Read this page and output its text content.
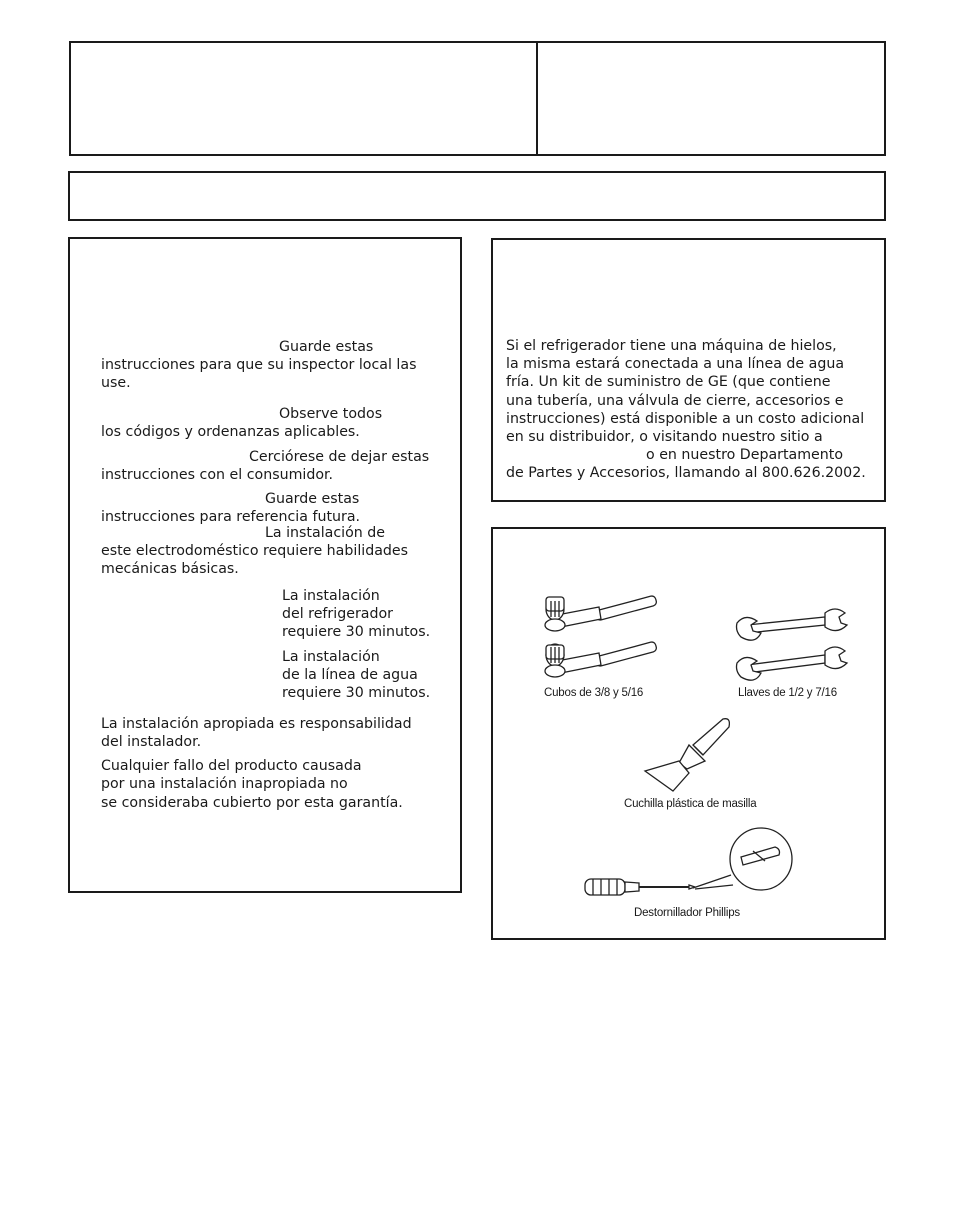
Guarde estas
instrucciones para que su inspector local las
use.
Observe todos
los códigos y ordenanzas aplicables.
Cerciórese de dejar estas
instrucciones con el consumidor.
Guarde estas
instrucciones para referencia futura.
La instalación de
este electrodoméstico requiere habilidades
mecánicas básicas.
La instalación
del refrigerador
requiere 30 minutos.
La instalación
de la línea de agua
requiere 30 minutos.
La instalación apropiada es responsabilidad
del instalador.
Cualquier fallo del producto causada
por una instalación inapropiada no
se consideraba cubierto por esta garantía.
Si el refrigerador tiene una máquina de hielos,
la misma estará conectada a una línea de agua
fría. Un kit de suministro de GE (que contiene
una tubería, una válvula de cierre, accesorios e
instrucciones) está disponible a un costo adicional
en su distribuidor, o visitando nuestro sitio a
o en nuestro Departamento
de Partes y Accesorios, llamando al 800.626.2002.
Cubos de 3/8 y 5/16	Llaves de 1/2 y 7/16
Cuchilla plástica de masilla
Destornillador Phillips
